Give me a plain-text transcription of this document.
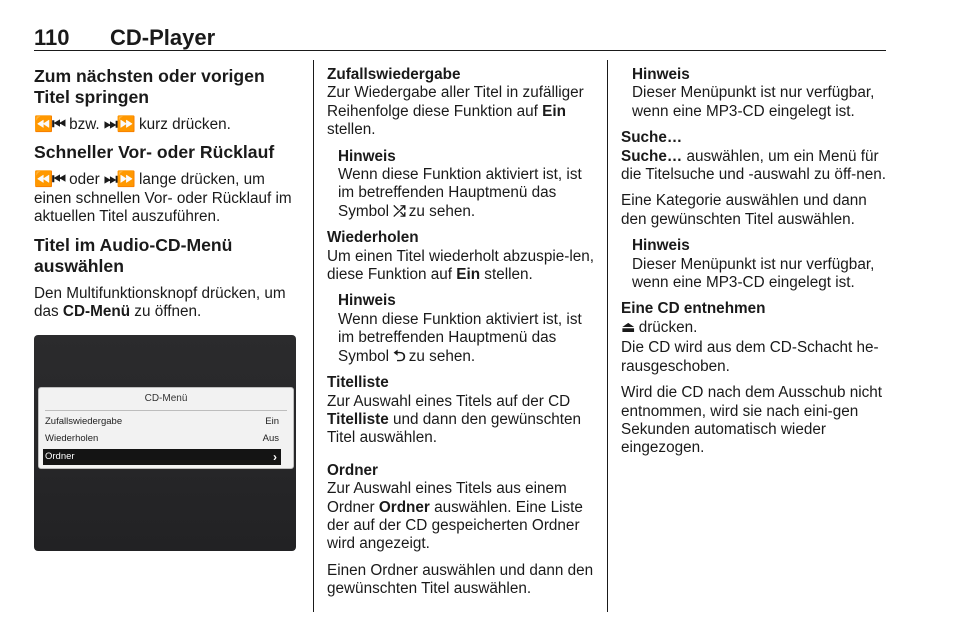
110 CD-Player
Zum nächsten oder vorigen Titel springen

⏪⏮ bzw. ⏭⏩ kurz drücken.

Schneller Vor- oder Rücklauf

⏪⏮ oder ⏭⏩ lange drücken, um einen schnellen Vor- oder Rücklauf im aktuellen Titel auszuführen.

Titel im Audio-CD-Menü auswählen

Den Multifunktionsknopf drücken, um das CD-Menü zu öffnen.

CD-Menü
Zufallswiedergabe	Ein
Wiederholen	Aus
Ordner	›
Zufallswiedergabe

Zur Wiedergabe aller Titel in zufälliger Reihenfolge diese Funktion auf Ein stellen.

Hinweis
Wenn diese Funktion aktiviert ist, ist im betreffenden Hauptmenü das Symbol ⤮ zu sehen.
Wiederholen

Um einen Titel wiederholt abzuspie-len, diese Funktion auf Ein stellen.

Hinweis
Wenn diese Funktion aktiviert ist, ist im betreffenden Hauptmenü das Symbol ⮌ zu sehen.
Titelliste

Zur Auswahl eines Titels auf der CD Titelliste und dann den gewünschten Titel auswählen.

Ordner

Zur Auswahl eines Titels aus einem Ordner Ordner auswählen. Eine Liste der auf der CD gespeicherten Ordner wird angezeigt.

Einen Ordner auswählen und dann den gewünschten Titel auswählen.

Hinweis
Dieser Menüpunkt ist nur verfügbar, wenn eine MP3-CD eingelegt ist.
Suche…

Suche… auswählen, um ein Menü für die Titelsuche und -auswahl zu öff-nen.

Eine Kategorie auswählen und dann den gewünschten Titel auswählen.

Hinweis
Dieser Menüpunkt ist nur verfügbar, wenn eine MP3-CD eingelegt ist.
Eine CD entnehmen

⏏ drücken.

Die CD wird aus dem CD-Schacht he-rausgeschoben.

Wird die CD nach dem Ausschub nicht entnommen, wird sie nach eini-gen Sekunden automatisch wieder eingezogen.
